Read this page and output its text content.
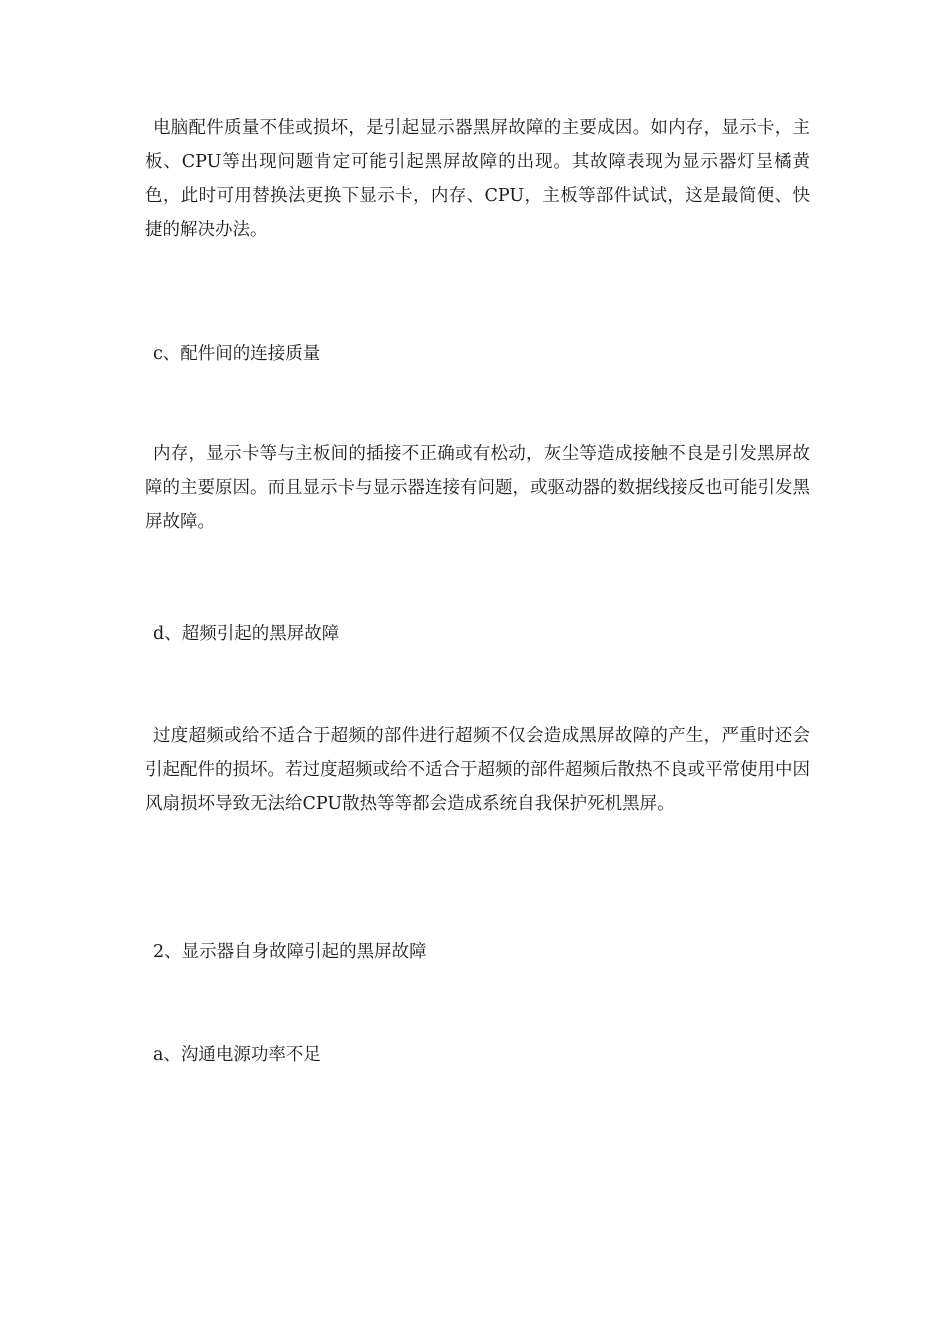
电脑配件质量不佳或损坏，是引起显示器黑屏故障的主要成因。如内存，显示卡，主板、CPU等出现问题肯定可能引起黑屏故障的出现。其故障表现为显示器灯呈橘黄色，此时可用替换法更换下显示卡，内存、CPU，主板等部件试试，这是最简便、快捷的解决办法。

c、配件间的连接质量

内存，显示卡等与主板间的插接不正确或有松动，灰尘等造成接触不良是引发黑屏故障的主要原因。而且显示卡与显示器连接有问题，或驱动器的数据线接反也可能引发黑屏故障。

d、超频引起的黑屏故障

过度超频或给不适合于超频的部件进行超频不仅会造成黑屏故障的产生，严重时还会引起配件的损坏。若过度超频或给不适合于超频的部件超频后散热不良或平常使用中因风扇损坏导致无法给CPU散热等等都会造成系统自我保护死机黑屏。

2、显示器自身故障引起的黑屏故障
a、沟通电源功率不足
